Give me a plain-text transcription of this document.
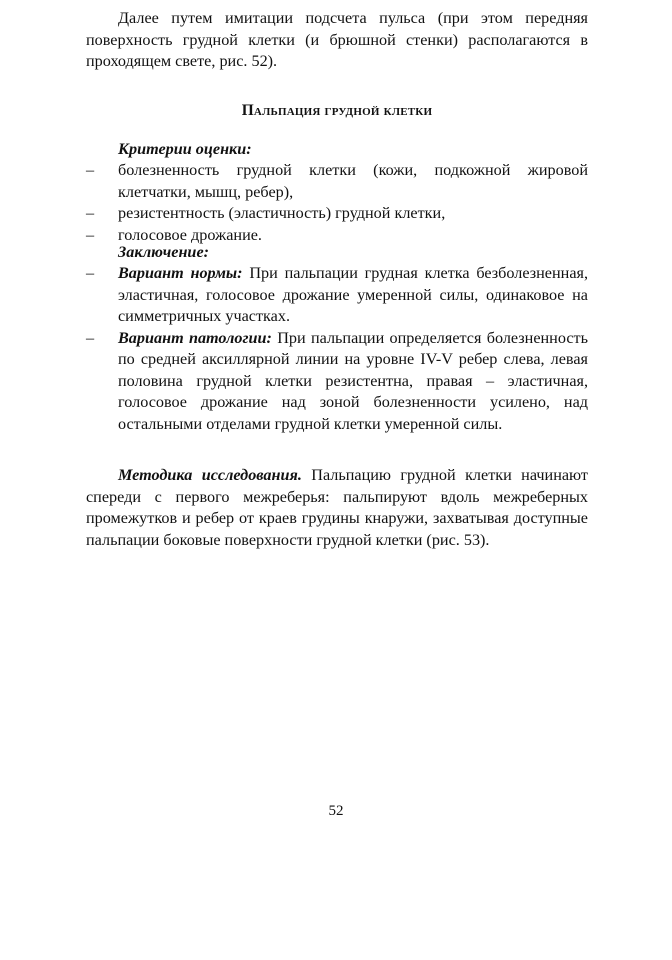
Далее путем имитации подсчета пульса (при этом передняя поверхность грудной клетки (и брюшной стенки) располагаются в проходящем свете, рис. 52).

Пальпация грудной клетки
Критерии оценки:
– болезненность грудной клетки (кожи, подкожной жировой клетчатки, мышц, ребер),
– резистентность (эластичность) грудной клетки,
– голосовое дрожание.
Заключение:
– Вариант нормы: При пальпации грудная клетка безболезненная, эластичная, голосовое дрожание умеренной силы, одинаковое на симметричных участках.
– Вариант патологии: При пальпации определяется болезненность по средней аксиллярной линии на уровне IV-V ребер слева, левая половина грудной клетки резистентна, правая – эластичная, голосовое дрожание над зоной болезненности усилено, над остальными отделами грудной клетки умеренной силы.

Методика исследования. Пальпацию грудной клетки начинают спереди с первого межреберья: пальпируют вдоль межреберных промежутков и ребер от краев грудины кнаружи, захватывая доступные пальпации боковые поверхности грудной клетки (рис. 53).

52
